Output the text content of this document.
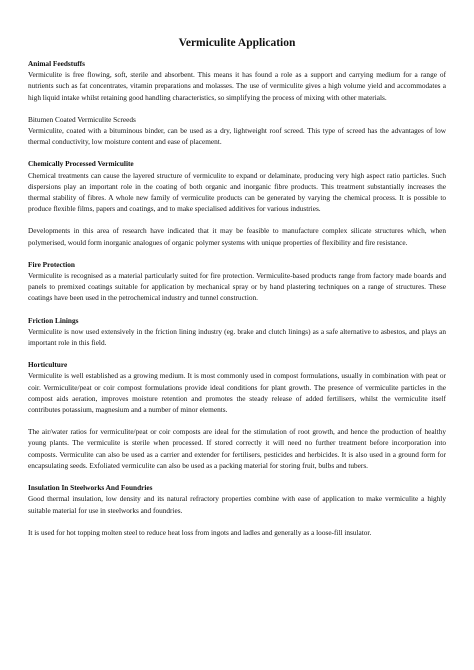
Vermiculite Application
Animal Feedstuffs

Vermiculite is free flowing, soft, sterile and absorbent. This means it has found a role as a support and carrying medium for a range of nutrients such as fat concentrates, vitamin preparations and molasses. The use of vermiculite gives a high volume yield and accommodates a high liquid intake whilst retaining good handling characteristics, so simplifying the process of mixing with other materials.

Bitumen Coated Vermiculite Screeds

Vermiculite, coated with a bituminous binder, can be used as a dry, lightweight roof screed. This type of screed has the advantages of low thermal conductivity, low moisture content and ease of placement.

Chemically Processed Vermiculite

Chemical treatments can cause the layered structure of vermiculite to expand or delaminate, producing very high aspect ratio particles. Such dispersions play an important role in the coating of both organic and inorganic fibre products. This treatment substantially increases the thermal stability of fibres. A whole new family of vermiculite products can be generated by varying the chemical process. It is possible to produce flexible films, papers and coatings, and to make specialised additives for various industries.

Developments in this area of research have indicated that it may be feasible to manufacture complex silicate structures which, when polymerised, would form inorganic analogues of organic polymer systems with unique properties of flexibility and fire resistance.

Fire Protection

Vermiculite is recognised as a material particularly suited for fire protection. Vermiculite-based products range from factory made boards and panels to premixed coatings suitable for application by mechanical spray or by hand plastering techniques on a range of structures. These coatings have been used in the petrochemical industry and tunnel construction.

Friction Linings

Vermiculite is now used extensively in the friction lining industry (eg. brake and clutch linings) as a safe alternative to asbestos, and plays an important role in this field.

Horticulture

Vermiculite is well established as a growing medium. It is most commonly used in compost formulations, usually in combination with peat or coir. Vermiculite/peat or coir compost formulations provide ideal conditions for plant growth. The presence of vermiculite particles in the compost aids aeration, improves moisture retention and promotes the steady release of added fertilisers, whilst the vermiculite itself contributes potassium, magnesium and a number of minor elements.

The air/water ratios for vermiculite/peat or coir composts are ideal for the stimulation of root growth, and hence the production of healthy young plants. The vermiculite is sterile when processed. If stored correctly it will need no further treatment before incorporation into composts. Vermiculite can also be used as a carrier and extender for fertilisers, pesticides and herbicides. It is also used in a ground form for encapsulating seeds. Exfoliated vermiculite can also be used as a packing material for storing fruit, bulbs and tubers.

Insulation In Steelworks And Foundries

Good thermal insulation, low density and its natural refractory properties combine with ease of application to make vermiculite a highly suitable material for use in steelworks and foundries.

It is used for hot topping molten steel to reduce heat loss from ingots and ladles and generally as a loose-fill insulator.
